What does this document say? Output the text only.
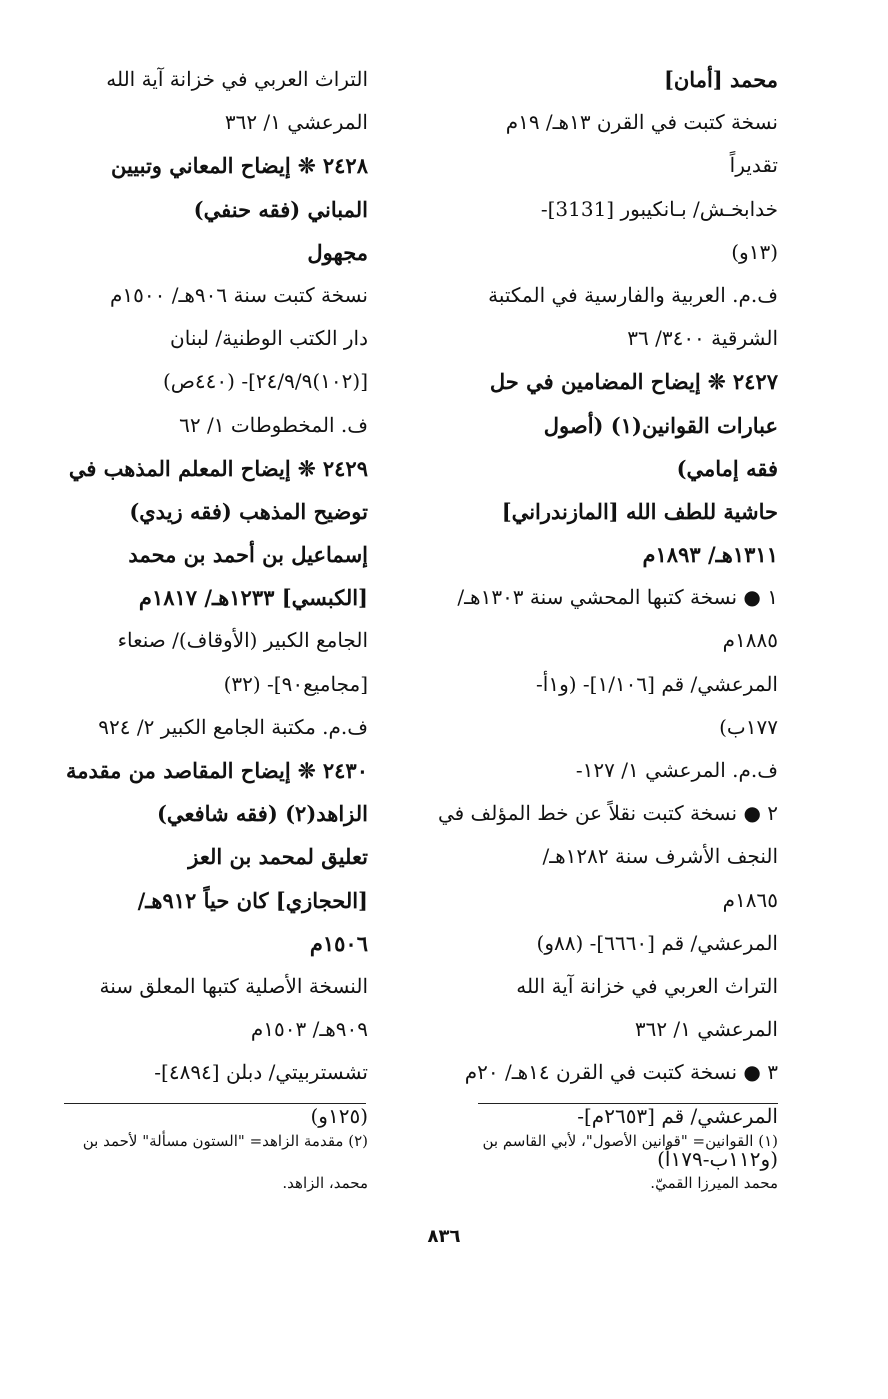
محمد [أمان]
نسخة كتبت في القرن ١٣هـ/ ١٩م
تقديراً
خدابخـش/ بـانكيبور [3131]-
(١٣و)
ف.م. العربية والفارسية في المكتبة
الشرقية ٣٤٠٠/ ٣٦
٢٤٢٧ ❊ إيضاح المضامين في حل
عبارات القوانين(١) (أصول
فقه إمامي)
حاشية للطف الله [المازندراني]
١٣١١هـ/ ١٨٩٣م
١ ● نسخة كتبها المحشي سنة ١٣٠٣هـ/
١٨٨٥م
المرعشي/ قم [١/١٠٦]- (و١أ-
١٧٧ب)
ف.م. المرعشي ١/ ١٢٧-
٢ ● نسخة كتبت نقلاً عن خط المؤلف في
النجف الأشرف سنة ١٢٨٢هـ/
١٨٦٥م
المرعشي/ قم [٦٦٦٠]- (٨٨و)
التراث العربي في خزانة آية الله
المرعشي ١/ ٣٦٢
٣ ● نسخة كتبت في القرن ١٤هـ/ ٢٠م
المرعشي/ قم [٢٦٥٣م]-
(و١١٢ب-١٧٩أ)
التراث العربي في خزانة آية الله
المرعشي ١/ ٣٦٢
٢٤٢٨ ❊ إيضاح المعاني وتبيين
المباني (فقه حنفي)
مجهول
نسخة كتبت سنة ٩٠٦هـ/ ١٥٠٠م
دار الكتب الوطنية/ لبنان
[(١٠٢)٢٤/٩/٩]- (٤٤٠ص)
ف. المخطوطات ١/ ٦٢
٢٤٢٩ ❊ إيضاح المعلم المذهب في
توضيح المذهب (فقه زيدي)
إسماعيل بن أحمد بن محمد
[الكبسي] ١٢٣٣هـ/ ١٨١٧م
الجامع الكبير (الأوقاف)/ صنعاء
[مجاميع٩٠]- (٣٢)
ف.م. مكتبة الجامع الكبير ٢/ ٩٢٤
٢٤٣٠ ❊ إيضاح المقاصد من مقدمة
الزاهد(٢) (فقه شافعي)
تعليق لمحمد بن العز
[الحجازي] كان حياً ٩١٢هـ/
١٥٠٦م
النسخة الأصلية كتبها المعلق سنة
٩٠٩هـ/ ١٥٠٣م
تشستربيتي/ دبلن [٤٨٩٤]-
(١٢٥و)
(١) القوانين= "قوانين الأصول"، لأبي القاسم بن
محمد الميرزا القميّ.
(٢) مقدمة الزاهد= "الستون مسألة" لأحمد بن
محمد، الزاهد.
٨٣٦
